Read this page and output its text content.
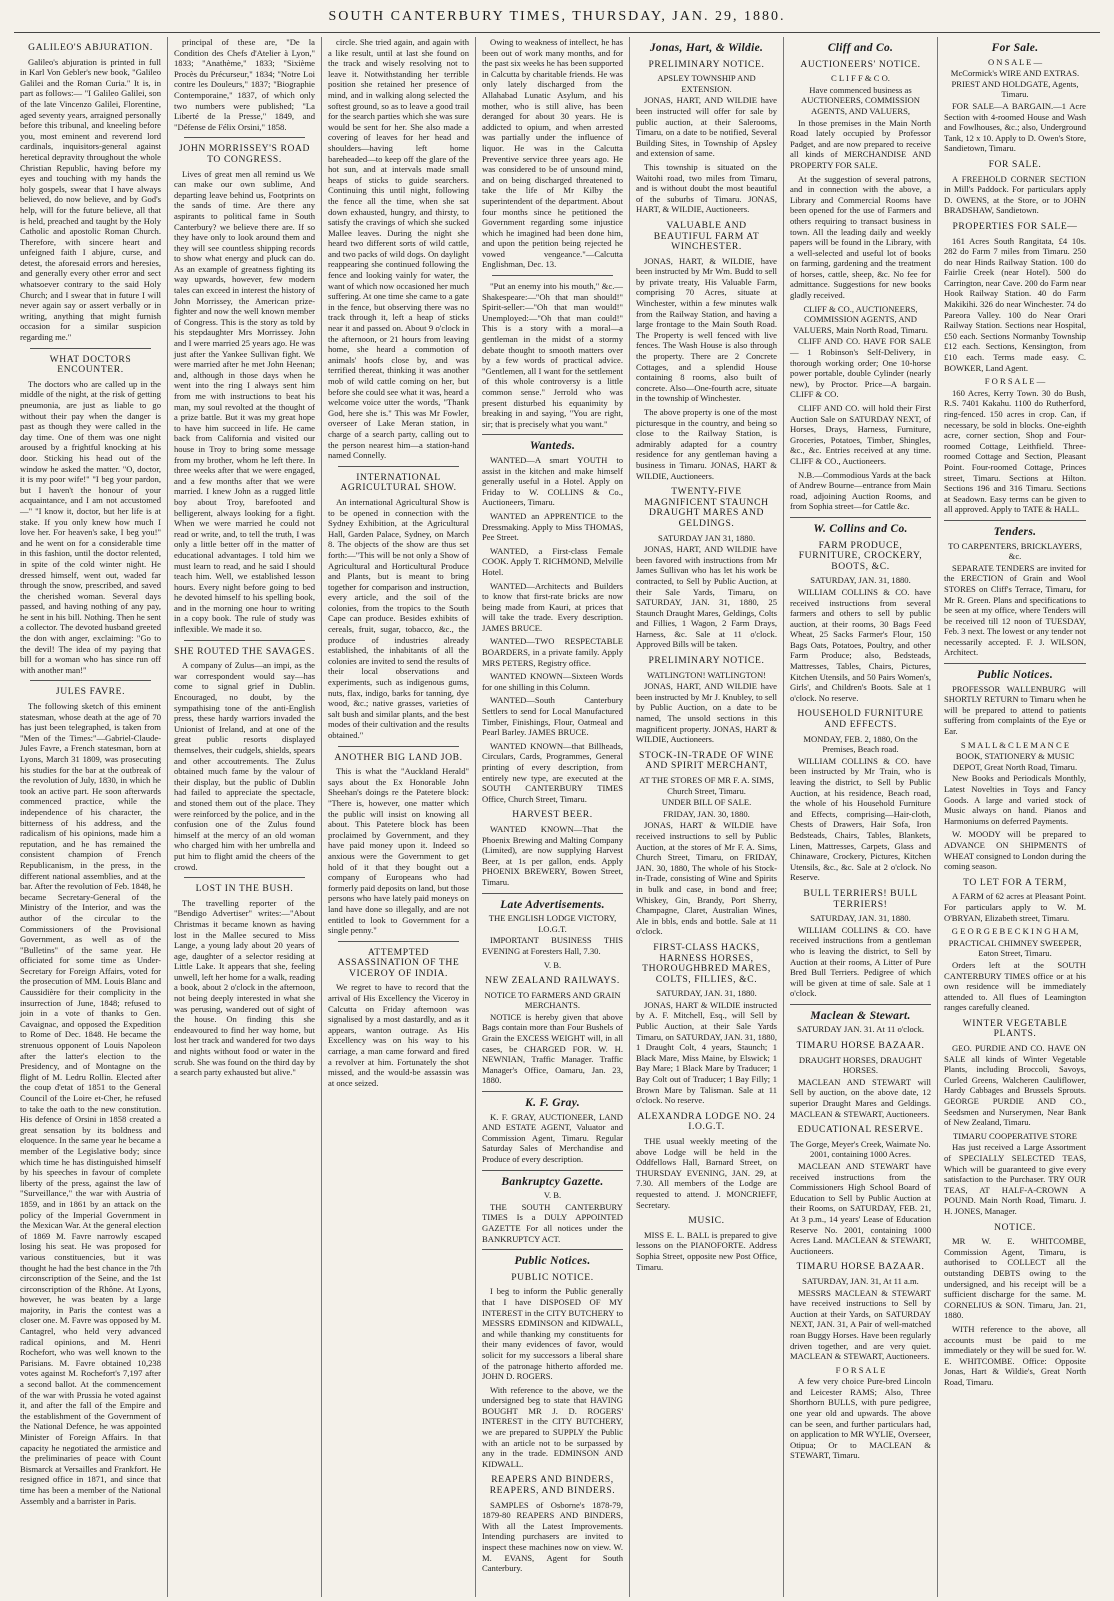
SOUTH CANTERBURY TIMES, THURSDAY, JAN. 29, 1880.
GALILEO'S ABJURATION.

Galileo's abjuration is printed in full in Karl Von Gebler's new book, "Galileo Galilei and the Roman Curia." It is, in part as follows:— "I Galileo Galilei, son of the late Vincenzo Galilei, Florentine, aged seventy years, arraigned personally before this tribunal, and kneeling before you, most eminent and reverend lord cardinals, inquisitors-general against heretical depravity throughout the whole Christian Republic, having before my eyes and touching with my hands the holy gospels, swear that I have always believed, do now believe, and by God's help, will for the future believe, all that is held, preached and taught by the Holy Catholic and apostolic Roman Church. Therefore, with sincere heart and unfeigned faith I abjure, curse, and detest, the aforesaid errors and heresies, and generally every other error and sect whatsoever contrary to the said Holy Church; and I swear that in future I will never again say or assert verbally or in writing, anything that might furnish occasion for a similar suspicion regarding me."

WHAT DOCTORS ENCOUNTER.

The doctors who are called up in the middle of the night, at the risk of getting pneumonia, are just as liable to go without their pay when the danger is past as though they were called in the day time. One of them was one night aroused by a frightful knocking at his door. Sticking his head out of the window he asked the matter. "O, doctor, it is my poor wife!" "I beg your pardon, but I haven't the honour of your acquaintance, and I am not accustomed—" "I know it, doctor, but her life is at stake. If you only knew how much I love her. For heaven's sake, I beg you!" and he went on for a considerable time in this fashion, until the doctor relented, in spite of the cold winter night. He dressed himself, went out, waded far through the snow, prescribed, and saved the cherished woman. Several days passed, and having nothing of any pay, he sent in his bill. Nothing. Then he sent a collector. The devoted husband greeted the don with anger, exclaiming: "Go to the devil! The idea of my paying that bill for a woman who has since run off with another man!"

JULES FAVRE.

The following sketch of this eminent statesman, whose death at the age of 70 has just been telegraphed, is taken from "Men of the Times:"—Gabriel-Claude-Jules Favre, a French statesman, born at Lyons, March 31 1809, was prosecuting his studies for the bar at the outbreak of the revolution of July, 1830, in which he took an active part. He soon afterwards commenced practice, while the independence of his character, the bitterness of his address, and the radicalism of his opinions, made him a reputation, and he has remained the consistent champion of French Republicanism, in the press, in the different national assemblies, and at the bar. After the revolution of Feb. 1848, he became Secretary-General of the Ministry of the Interior, and was the author of the circular to the Commissioners of the Provisional Government, as well as of the "Bulletins" of the same year. He officiated for some time as Under-Secretary for Foreign Affairs, voted for the prosecution of MM. Louis Blanc and Caussidière for their complicity in the insurrection of June, 1848; refused to join in a vote of thanks to Gen. Cavaignac, and opposed the Expedition to Rome of Dec. 1848. He became the strenuous opponent of Louis Napoleon after the latter's election to the Presidency, and of Montagne on the flight of M. Ledru Rollin. Elected after the coup d'etat of 1851 to the General Council of the Loire et-Cher, he refused to take the oath to the new constitution. His defence of Orsini in 1858 created a great sensation by its boldness and eloquence. In the same year he became a member of the Legislative body; since which time he has distinguished himself by his speeches in favour of complete liberty of the press, against the law of "Surveillance," the war with Austria of 1859, and in 1861 by an attack on the policy of the Imperial Government in the Mexican War. At the general election of 1869 M. Favre narrowly escaped losing his seat. He was proposed for various constituencies, but it was thought he had the best chance in the 7th circonscription of the Seine, and the 1st circonscription of the Rhône. At Lyons, however, he was beaten by a large majority, in Paris the contest was a closer one. M. Favre was opposed by M. Cantagrel, who held very advanced radical opinions, and M. Henri Rochefort, who was well known to the Parisians. M. Favre obtained 10,238 votes against M. Rochefort's 7,197 after a second ballot. At the commencement of the war with Prussia he voted against it, and after the fall of the Empire and the establishment of the Government of the National Defence, he was appointed Minister of Foreign Affairs. In that capacity he negotiated the armistice and the preliminaries of peace with Count Bismarck at Versailles and Frankfort. He resigned office in 1871, and since that time has been a member of the National Assembly and a barrister in Paris.

principal of these are, "De la Condition des Chefs d'Atelier à Lyon," 1833; "Anathème," 1833; "Sixième Procès du Précurseur," 1834; "Notre Loi contre les Douleurs," 1837; "Biographie Contemporaine," 1837, of which only two numbers were published; "La Liberté de la Presse," 1849, and "Défense de Félix Orsini," 1858.

JOHN MORRISSEY'S ROAD TO CONGRESS.

Lives of great men all remind us We can make our own sublime, And departing leave behind us, Footprints on the sands of time. Are there any aspirants to political fame in South Canterbury? we believe there are. If so they have only to look around them and they will see countless shipping records to show what energy and pluck can do. As an example of greatness fighting its way upwards, however, few modern tales can exceed in interest the history of John Morrissey, the American prize-fighter and now the well known member of Congress. This is the story as told by his stepdaughter Mrs Morrissey. John and I were married 25 years ago. He was just after the Yankee Sullivan fight. We were married after he met John Heenan; and, although in those days when he went into the ring I always sent him from me with instructions to beat his man, my soul revolted at the thought of a prize battle. But it was my great hope to have him succeed in life. He came back from California and visited our house in Troy to bring some message from my brother, whom he left there. In three weeks after that we were engaged, and a few months after that we were married. I knew John as a rugged little boy about Troy, barefooted and belligerent, always looking for a fight. When we were married he could not read or write, and, to tell the truth, I was only a little better off in the matter of educational advantages. I told him we must learn to read, and he said I should teach him. Well, we established lesson hours. Every night before going to bed he devoted himself to his spelling book, and in the morning one hour to writing in a copy book. The rule of study was inflexible. We made it so.

SHE ROUTED THE SAVAGES.

A company of Zulus—an impi, as the war correspondent would say—has come to signal grief in Dublin. Encouraged, no doubt, by the sympathising tone of the anti-English press, these hardy warriors invaded the Unionist of Ireland, and at one of the great public resorts displayed themselves, their cudgels, shields, spears and other accoutrements. The Zulus obtained much fame by the valour of their display, but the public of Dublin had failed to appreciate the spectacle, and stoned them out of the place. They were reinforced by the police, and in the confusion one of the Zulus found himself at the mercy of an old woman who charged him with her umbrella and put him to flight amid the cheers of the crowd.

LOST IN THE BUSH.

The travelling reporter of the "Bendigo Advertiser" writes:—"About Christmas it became known as having lost in the Mallee secured to Miss Lange, a young lady about 20 years of age, daughter of a selector residing at Little Lake. It appears that she, feeling unwell, left her home for a walk, reading a book, about 2 o'clock in the afternoon, not being deeply interested in what she was perusing, wandered out of sight of the house. On finding this she endeavoured to find her way home, but lost her track and wandered for two days and nights without food or water in the scrub. She was found on the third day by a search party exhausted but alive."

circle. She tried again, and again with a like result, until at last she found on the track and wisely resolving not to leave it. Notwithstanding her terrible position she retained her presence of mind, and in walking along selected the softest ground, so as to leave a good trail for the search parties which she was sure would be sent for her. She also made a covering of leaves for her head and shoulders—having left home bareheaded—to keep off the glare of the hot sun, and at intervals made small heaps of sticks to guide searchers. Continuing this until night, following the fence all the time, when she sat down exhausted, hungry, and thirsty, to satisfy the cravings of which she sucked Mallee leaves. During the night she heard two different sorts of wild cattle, and two packs of wild dogs. On daylight reappearing she continued following the fence and looking vainly for water, the want of which now occasioned her much suffering. At one time she came to a gate in the fence, but observing there was no track through it, left a heap of sticks near it and passed on. About 9 o'clock in the afternoon, or 21 hours from leaving home, she heard a commotion of animals' hoofs close by, and was terrified thereat, thinking it was another mob of wild cattle coming on her, but before she could see what it was, heard a welcome voice utter the words, "Thank God, here she is." This was Mr Fowler, overseer of Lake Meran station, in charge of a search party, calling out to the person nearest him—a station-hand named Connelly.

INTERNATIONAL AGRICULTURAL SHOW.

An international Agricultural Show is to be opened in connection with the Sydney Exhibition, at the Agricultural Hall, Garden Palace, Sydney, on March 8. The objects of the show are thus set forth:—"This will be not only a Show of Agricultural and Horticultural Produce and Plants, but is meant to bring together for comparison and instruction, every article, and the soil of the colonies, from the tropics to the South Cape can produce. Besides exhibits of cereals, fruit, sugar, tobacco, &c., the produce of industries already established, the inhabitants of all the colonies are invited to send the results of their local observations and experiments, such as indigenous gums, nuts, flax, indigo, barks for tanning, dye wood, &c.; native grasses, varieties of salt bush and similar plants, and the best modes of their cultivation and the results obtained."

ANOTHER BIG LAND JOB.

This is what the "Auckland Herald" says about the Ex Honorable John Sheehan's doings re the Patetere block: "There is, however, one matter which the public will insist on knowing all about. This Patetere block has been proclaimed by Government, and they have paid money upon it. Indeed so anxious were the Government to get hold of it that they bought out a company of Europeans who had formerly paid deposits on land, but those persons who have lately paid moneys on land have done so illegally, and are not entitled to look to Government for a single penny."

ATTEMPTED ASSASSINATION OF THE VICEROY OF INDIA.

We regret to have to record that the arrival of His Excellency the Viceroy in Calcutta on Friday afternoon was signalised by a most dastardly, and as it appears, wanton outrage. As His Excellency was on his way to his carriage, a man came forward and fired a revolver at him. Fortunately the shot missed, and the would-be assassin was at once seized.

Owing to weakness of intellect, he has been out of work many months, and for the past six weeks he has been supported in Calcutta by charitable friends. He was only lately discharged from the Allahabad Lunatic Asylum, and his mother, who is still alive, has been deranged for about 30 years. He is addicted to opium, and when arrested was partially under the influence of liquor. He was in the Calcutta Preventive service three years ago. He was considered to be of unsound mind, and on being discharged threatened to take the life of Mr Kilby the superintendent of the department. About four months since he petitioned the Government regarding some injustice which he imagined had been done him, and upon the petition being rejected he vowed vengeance."—Calcutta Englishman, Dec. 13.

"Put an enemy into his mouth," &c.—Shakespeare:—"Oh that man should!" Spirit-seller:—"Oh that man would!" Unemployed:—"Oh that man could!" This is a story with a moral—a gentleman in the midst of a stormy debate thought to smooth matters over by a few words of practical advice. "Gentlemen, all I want for the settlement of this whole controversy is a little common sense." Jerrold who was present disturbed his equanimity by breaking in and saying, "You are right, sir; that is precisely what you want."

Wanteds.

WANTED—A smart YOUTH to assist in the kitchen and make himself generally useful in a Hotel. Apply on Friday to W. COLLINS & Co., Auctioneers, Timaru.

WANTED an APPRENTICE to the Dressmaking. Apply to Miss THOMAS, Pee Street.

WANTED, a First-class Female COOK. Apply T. RICHMOND, Melville Hotel.

WANTED—Architects and Builders to know that first-rate bricks are now being made from Kauri, at prices that will take the trade. Every description. JAMES BRUCE.

WANTED—TWO RESPECTABLE BOARDERS, in a private family. Apply MRS PETERS, Registry office.

WANTED KNOWN—Sixteen Words for one shilling in this Column.

WANTED—South Canterbury Settlers to send for Local Manufactured Timber, Finishings, Flour, Oatmeal and Pearl Barley. JAMES BRUCE.

WANTED KNOWN—that Billheads, Circulars, Cards, Programmes, General printing of every description, from entirely new type, are executed at the SOUTH CANTERBURY TIMES Office, Church Street, Timaru.

HARVEST BEER.

WANTED KNOWN—That the Phoenix Brewing and Malting Company (Limited), are now supplying Harvest Beer, at 1s per gallon, ends. Apply PHOENIX BREWERY, Bowen Street, Timaru.

Late Advertisements.
THE ENGLISH LODGE VICTORY, I.O.G.T.

IMPORTANT BUSINESS THIS EVENING at Foresters Hall, 7.30.

V. B.
NEW ZEALAND RAILWAYS.
NOTICE TO FARMERS AND GRAIN MERCHANTS.

NOTICE is hereby given that above Bags contain more than Four Bushels of Grain the EXCESS WEIGHT will, in all cases, be CHARGED FOR. W. H. NEWNIAN, Traffic Manager. Traffic Manager's Office, Oamaru, Jan. 23, 1880.

K. F. Gray.

K. F. GRAY, AUCTIONEER, LAND AND ESTATE AGENT, Valuator and Commission Agent, Timaru. Regular Saturday Sales of Merchandise and Produce of every description.

Bankruptcy Gazette.
V. B.

THE SOUTH CANTERBURY TIMES Is a DULY APPOINTED GAZETTE For all notices under the BANKRUPTCY ACT.

Public Notices.
PUBLIC NOTICE.

I beg to inform the Public generally that I have DISPOSED OF MY INTEREST in the CITY BUTCHERY to MESSRS EDMINSON and KIDWALL, and while thanking my constituents for their many evidences of favor, would solicit for my successors a liberal share of the patronage hitherto afforded me. JOHN D. ROGERS.

With reference to the above, we the undersigned beg to state that HAVING BOUGHT MR J. D. ROGERS' INTEREST in the CITY BUTCHERY, we are prepared to SUPPLY the Public with an article not to be surpassed by any in the trade. EDMINSON AND KIDWALL.

REAPERS AND BINDERS, REAPERS, AND BINDERS.

SAMPLES of Osborne's 1878-79, 1879-80 REAPERS AND BINDERS, With all the Latest Improvements. Intending purchasers are invited to inspect these machines now on view. W. M. EVANS, Agent for South Canterbury.

Jonas, Hart, & Wildie.
PRELIMINARY NOTICE.
APSLEY TOWNSHIP AND EXTENSION.

JONAS, HART, AND WILDIE have been instructed will offer for sale by public auction, at their Salerooms, Timaru, on a date to be notified, Several Building Sites, in Township of Apsley and extension of same.

This township is situated on the Waitohi road, two miles from Timaru, and is without doubt the most beautiful of the suburbs of Timaru. JONAS, HART, & WILDIE, Auctioneers.

VALUABLE AND BEAUTIFUL FARM AT WINCHESTER.

JONAS, HART, & WILDIE, have been instructed by Mr Wm. Budd to sell by private treaty, His Valuable Farm, comprising 70 Acres, situate at Winchester, within a few minutes walk from the Railway Station, and having a large frontage to the Main South Road. The Property is well fenced with live fences. The Wash House is also through the property. There are 2 Concrete Cottages, and a splendid House containing 8 rooms, also built of concrete. Also—One-fourth acre, situate in the township of Winchester.

The above property is one of the most picturesque in the country, and being so close to the Railway Station, is admirably adapted for a country residence for any gentleman having a business in Timaru. JONAS, HART & WILDIE, Auctioneers.

TWENTY-FIVE MAGNIFICENT STAUNCH DRAUGHT MARES AND GELDINGS.
SATURDAY JAN 31, 1880.

JONAS, HART, AND WILDIE have been favored with instructions from Mr James Sullivan who has let his work be contracted, to Sell by Public Auction, at their Sale Yards, Timaru, on SATURDAY, JAN. 31, 1880, 25 Staunch Draught Mares, Geldings, Colts and Fillies, 1 Wagon, 2 Farm Drays, Harness, &c. Sale at 11 o'clock. Approved Bills will be taken.

PRELIMINARY NOTICE.
WATLINGTON! WATLINGTON!

JONAS, HART, AND WILDIE have been instructed by Mr J. Knubley, to sell by Public Auction, on a date to be named, The unsold sections in this magnificent property. JONAS, HART & WILDIE, Auctioneers.

STOCK-IN-TRADE OF WINE AND SPIRIT MERCHANT,
AT THE STORES OF MR F. A. SIMS, Church Street, Timaru.
UNDER BILL OF SALE.
FRIDAY, JAN. 30, 1880.

JONAS, HART & WILDIE have received instructions to sell by Public Auction, at the stores of Mr F. A. Sims, Church Street, Timaru, on FRIDAY, JAN. 30, 1880, The whole of his Stock-in-Trade, consisting of Wine and Spirits in bulk and case, in bond and free; Whiskey, Gin, Brandy, Port Sherry, Champagne, Claret, Australian Wines, Ale in bbls, ends and bottle. Sale at 11 o'clock.

FIRST-CLASS HACKS, HARNESS HORSES, THOROUGHBRED MARES, COLTS, FILLIES, &C.
SATURDAY, JAN. 31, 1880.

JONAS, HART & WILDIE instructed by A. F. Mitchell, Esq., will Sell by Public Auction, at their Sale Yards Timaru, on SATURDAY, JAN. 31, 1880, 1 Draught Colt, 4 years, Staunch; 1 Black Mare, Miss Maine, by Elswick; 1 Bay Mare; 1 Black Mare by Traducer; 1 Bay Colt out of Traducer; 1 Bay Filly; 1 Brown Mare by Talisman. Sale at 11 o'clock. No reserve.

ALEXANDRA LODGE NO. 24 I.O.G.T.

THE usual weekly meeting of the above Lodge will be held in the Oddfellows Hall, Barnard Street, on THURSDAY EVENING, JAN. 29, at 7.30. All members of the Lodge are requested to attend. J. MONCRIEFF, Secretary.

MUSIC.

MISS E. L. BALL is prepared to give lessons on the PIANOFORTE. Address Sophia Street, opposite new Post Office, Timaru.

Cliff and Co.
AUCTIONEERS' NOTICE.
C L I F F & C O.
Have commenced business as AUCTIONEERS, COMMISSION AGENTS, AND VALUERS,

In those premises in the Main North Road lately occupied by Professor Padget, and are now prepared to receive all kinds of MERCHANDISE AND PROPERTY FOR SALE.

At the suggestion of several patrons, and in connection with the above, a Library and Commercial Rooms have been opened for the use of Farmers and others requiring to transact business in town. All the leading daily and weekly papers will be found in the Library, with a well-selected and useful lot of books on farming, gardening and the treatment of horses, cattle, sheep, &c. No fee for admittance. Suggestions for new books gladly received.

CLIFF & CO., AUCTIONEERS, COMMISSION AGENTS, AND VALUERS, Main North Road, Timaru.

CLIFF AND CO. HAVE FOR SALE— 1 Robinson's Self-Delivery, in thorough working order; One 10-horse power portable, double Cylinder (nearly new), by Proctor. Price—A bargain. CLIFF & CO.

CLIFF AND CO. will hold their First Auction Sale on SATURDAY NEXT, of Horses, Drays, Harness, Furniture, Groceries, Potatoes, Timber, Shingles, &c., &c. Entries received at any time. CLIFF & CO., Auctioneers.

N.B.—Commodious Yards at the back of Andrew Bourne—entrance from Main road, adjoining Auction Rooms, and from Sophia street—for Cattle &c.

W. Collins and Co.
FARM PRODUCE, FURNITURE, CROCKERY, BOOTS, &C.
SATURDAY, JAN. 31, 1880.

WILLIAM COLLINS & CO. have received instructions from several farmers and others to sell by public auction, at their rooms, 30 Bags Feed Wheat, 25 Sacks Farmer's Flour, 150 Bags Oats, Potatoes, Poultry, and other Farm Produce; also, Bedsteads, Mattresses, Tables, Chairs, Pictures, Kitchen Utensils, and 50 Pairs Women's, Girls', and Children's Boots. Sale at 1 o'clock. No reserve.

HOUSEHOLD FURNITURE AND EFFECTS.
MONDAY, FEB. 2, 1880, On the Premises, Beach road.

WILLIAM COLLINS & CO. have been instructed by Mr Train, who is leaving the district, to Sell by Public Auction, at his residence, Beach road, the whole of his Household Furniture and Effects, comprising—Hair-cloth, Chests of Drawers, Hair Sofa, Iron Bedsteads, Chairs, Tables, Blankets, Linen, Mattresses, Carpets, Glass and Chinaware, Crockery, Pictures, Kitchen Utensils, &c., &c. Sale at 2 o'clock. No Reserve.

BULL TERRIERS! BULL TERRIERS!
SATURDAY, JAN. 31, 1880.

WILLIAM COLLINS & CO. have received instructions from a gentleman who is leaving the district, to Sell by Auction at their rooms, A Litter of Pure Bred Bull Terriers. Pedigree of which will be given at time of sale. Sale at 1 o'clock.

Maclean & Stewart.
SATURDAY JAN. 31. At 11 o'clock.
TIMARU HORSE BAZAAR.
DRAUGHT HORSES, DRAUGHT HORSES.

MACLEAN AND STEWART will Sell by auction, on the above date, 12 superior Draught Mares and Geldings. MACLEAN & STEWART, Auctioneers.

EDUCATIONAL RESERVE.
The Gorge, Meyer's Creek, Waimate No. 2001, containing 1000 Acres.

MACLEAN AND STEWART have received instructions from the Commissioners High School Board of Education to Sell by Public Auction at their Rooms, on SATURDAY, FEB. 21, At 3 p.m., 14 years' Lease of Education Reserve No. 2001, containing 1000 Acres Land. MACLEAN & STEWART, Auctioneers.

TIMARU HORSE BAZAAR.
SATURDAY, JAN. 31, At 11 a.m.

MESSRS MACLEAN & STEWART have received instructions to Sell by Auction at their Yards, on SATURDAY NEXT, JAN. 31, A Pair of well-matched roan Buggy Horses. Have been regularly driven together, and are very quiet. MACLEAN & STEWART, Auctioneers.

F O R S A L E

A few very choice Pure-bred Lincoln and Leicester RAMS; Also, Three Shorthorn BULLS, with pure pedigree, one year old and upwards. The above can be seen, and further particulars had, on application to MR WYLIE, Overseer, Otipua; Or to MACLEAN & STEWART, Timaru.

For Sale.
O N S A L E —
McCormick's WIRE AND EXTRAS. PRIEST AND HOLDGATE, Agents, Timaru.

FOR SALE—A BARGAIN.—1 Acre Section with 4-roomed House and Wash and Fowlhouses, &c.; also, Underground Tank, 12 x 10. Apply to D. Owen's Store, Sandietown, Timaru.

FOR SALE.

A FREEHOLD CORNER SECTION in Mill's Paddock. For particulars apply D. OWENS, at the Store, or to JOHN BRADSHAW, Sandietown.

PROPERTIES FOR SALE—

161 Acres South Rangitata, £4 10s. 282 do Farm 7 miles from Timaru. 250 do near Hinds Railway Station. 100 do Fairlie Creek (near Hotel). 500 do Carrington, near Cave. 200 do Farm near Hook Railway Station. 40 do Farm Makikihi. 326 do near Winchester. 74 do Pareora Valley. 100 do Near Orari Railway Station. Sections near Hospital, £50 each. Sections Normanby Township £12 each. Sections, Kensington, from £10 each. Terms made easy. C. BOWKER, Land Agent.

F O R S A L E —

160 Acres, Kerry Town. 30 do Bush, R.S. 7401 Kakahu. 1100 do Rutherford, ring-fenced. 150 acres in crop. Can, if necessary, be sold in blocks. One-eighth acre, corner section, Shop and Four-roomed Cottage, Leithfield. Three-roomed Cottage and Section, Pleasant Point. Four-roomed Cottage, Princes street, Timaru. Sections at Hilton. Sections 196 and 316 Timaru. Sections at Seadown. Easy terms can be given to all approved. Apply to TATE & HALL.

Tenders.
TO CARPENTERS, BRICKLAYERS, &c.

SEPARATE TENDERS are invited for the ERECTION of Grain and Wool STORES on Cliff's Terrace, Timaru, for Mr R. Green. Plans and specifications to be seen at my office, where Tenders will be received till 12 noon of TUESDAY, Feb. 3 next. The lowest or any tender not necessarily accepted. F. J. WILSON, Architect.

Public Notices.

PROFESSOR WALLENBURG will SHORTLY RETURN to Timaru when he will be prepared to attend to patients suffering from complaints of the Eye or Ear.

S M A L L & C L E M A N C E
BOOK, STATIONERY & MUSIC DEPOT, Great North Road, Timaru.

New Books and Periodicals Monthly, Latest Novelties in Toys and Fancy Goods. A large and varied stock of Music always on hand. Pianos and Harmoniums on deferred Payments.

W. MOODY will be prepared to ADVANCE ON SHIPMENTS of WHEAT consigned to London during the coming season.

TO LET FOR A TERM,

A FARM of 62 acres at Pleasant Point. For particulars apply to W. M. O'BRYAN, Elizabeth street, Timaru.

G E O R G E B E C K I N G H A M,
PRACTICAL CHIMNEY SWEEPER, Eaton Street, Timaru.

Orders left at the SOUTH CANTERBURY TIMES office or at his own residence will be immediately attended to. All flues of Leamington ranges carefully cleaned.

WINTER VEGETABLE PLANTS.

GEO. PURDIE AND CO. HAVE ON SALE all kinds of Winter Vegetable Plants, including Broccoli, Savoys, Curled Greens, Walcheren Cauliflower, Hardy Cabbages and Brussels Sprouts. GEORGE PURDIE AND CO., Seedsmen and Nurserymen, Near Bank of New Zealand, Timaru.

TIMARU COOPERATIVE STORE

Has just received a Large Assortment of SPECIALLY SELECTED TEAS, Which will be guaranteed to give every satisfaction to the Purchaser. TRY OUR TEAS, AT HALF-A-CROWN A POUND. Main North Road, Timaru. J. H. JONES, Manager.

NOTICE.

MR W. E. WHITCOMBE, Commission Agent, Timaru, is authorised to COLLECT all the outstanding DEBTS owing to the undersigned, and his receipt will be a sufficient discharge for the same. M. CORNELIUS & SON. Timaru, Jan. 21, 1880.

WITH reference to the above, all accounts must be paid to me immediately or they will be sued for. W. E. WHITCOMBE. Office: Opposite Jonas, Hart & Wildie's, Great North Road, Timaru.
